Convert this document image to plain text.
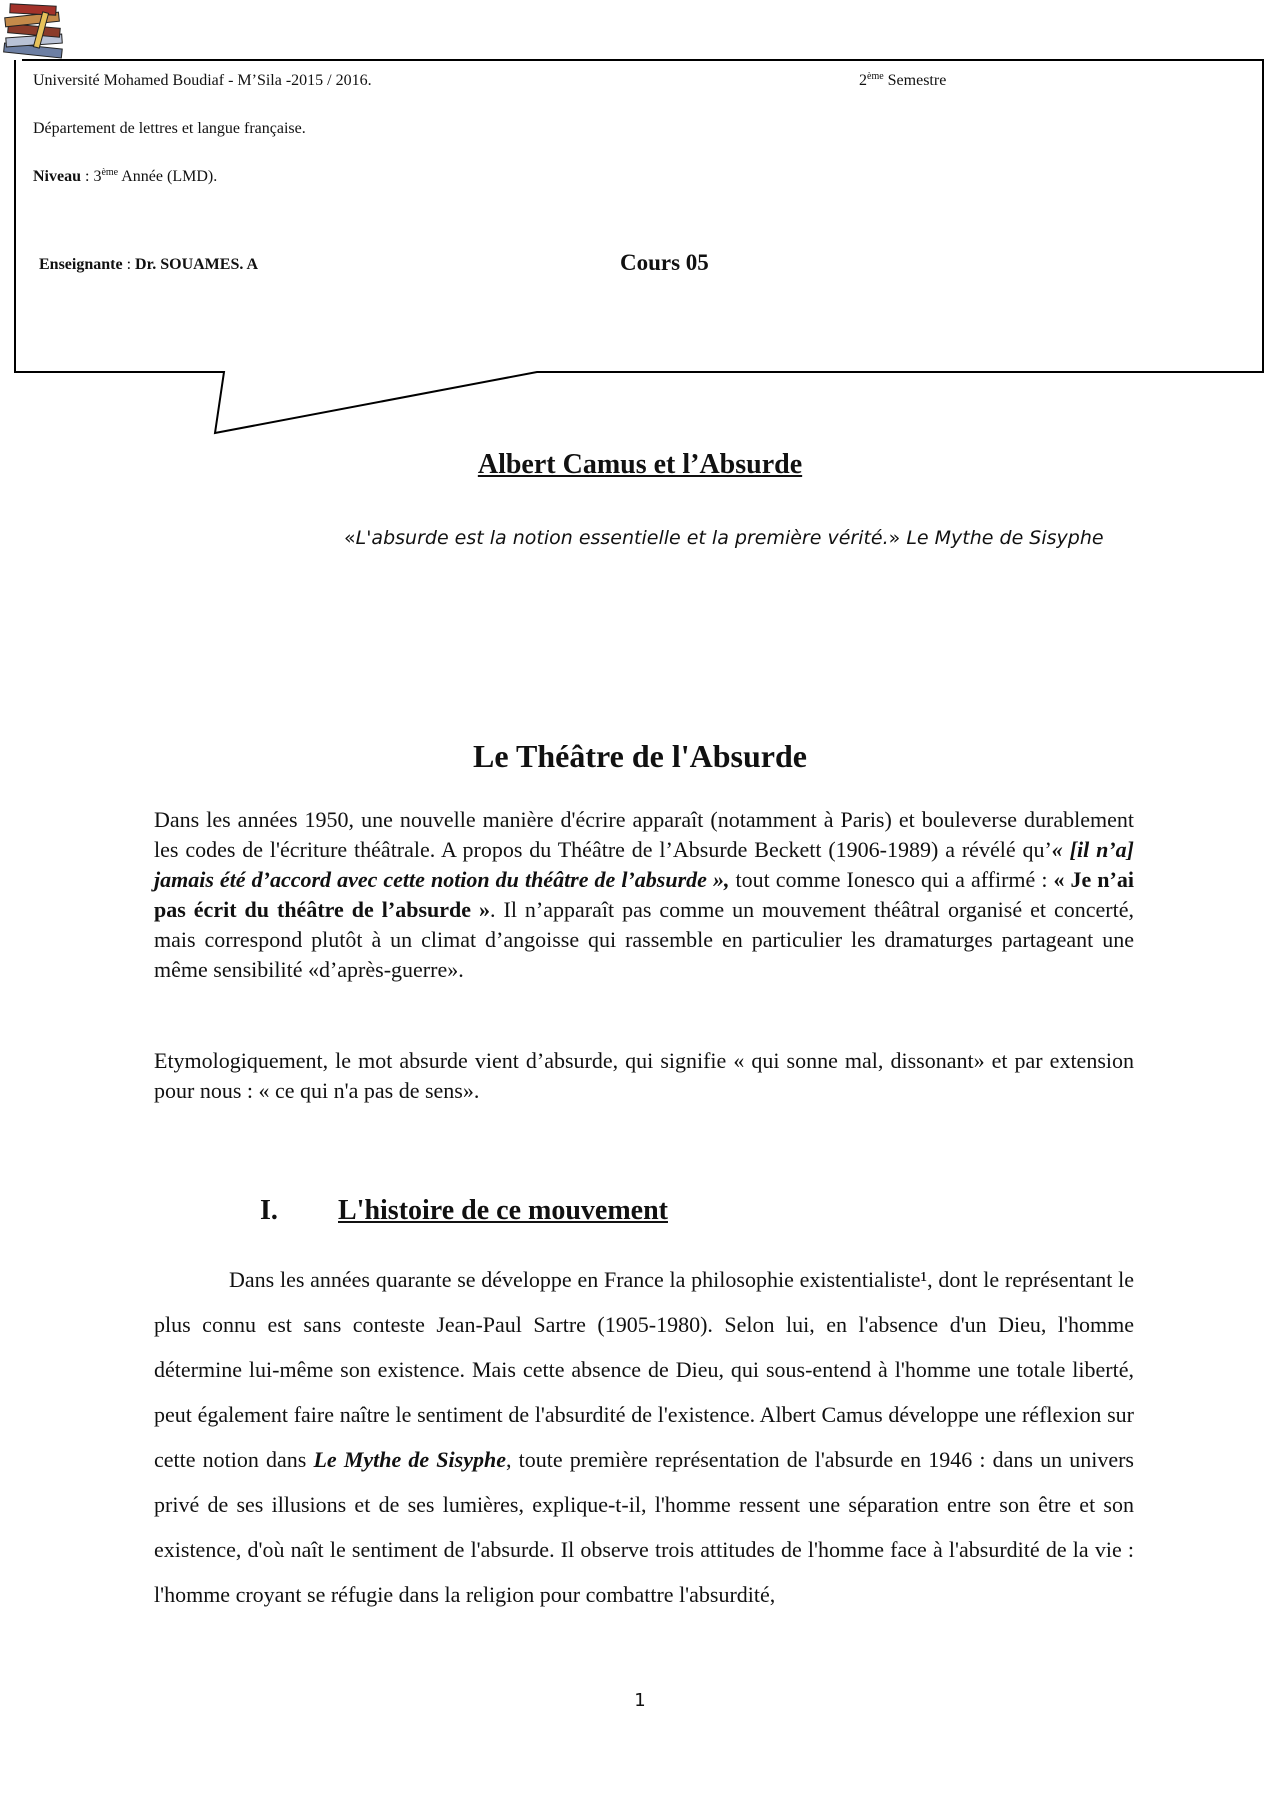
Université Mohamed Boudiaf - M’Sila -2015 / 2016.	2ème Semestre
Département de lettres et langue française.
Niveau : 3ème Année (LMD).
Enseignante : Dr. SOUAMES. A	Cours 05
Albert Camus et l’Absurde
«L'absurde est la notion essentielle et la première vérité.» Le Mythe de Sisyphe
Le Théâtre de l'Absurde
Dans les années 1950, une nouvelle manière d'écrire apparaît (notamment à Paris) et bouleverse durablement les codes de l'écriture théâtrale. A propos du Théâtre de l’Absurde Beckett (1906-1989) a révélé qu’« [il n’a] jamais été d’accord avec cette notion du théâtre de l’absurde », tout comme Ionesco qui a affirmé : « Je n’ai pas écrit du théâtre de l’absurde ». Il n’apparaît pas comme un mouvement théâtral organisé et concerté, mais correspond plutôt à un climat d’angoisse qui rassemble en particulier les dramaturges partageant une même sensibilité «d’après-guerre».
Etymologiquement, le mot absurde vient d’absurde, qui signifie « qui sonne mal, dissonant» et par extension pour nous : « ce qui n'a pas de sens».
I. L'histoire de ce mouvement
Dans les années quarante se développe en France la philosophie existentialiste¹, dont le représentant le plus connu est sans conteste Jean-Paul Sartre (1905-1980). Selon lui, en l'absence d'un Dieu, l'homme détermine lui-même son existence. Mais cette absence de Dieu, qui sous-entend à l'homme une totale liberté, peut également faire naître le sentiment de l'absurdité de l'existence. Albert Camus développe une réflexion sur cette notion dans Le Mythe de Sisyphe, toute première représentation de l'absurde en 1946 : dans un univers privé de ses illusions et de ses lumières, explique-t-il, l'homme ressent une séparation entre son être et son existence, d'où naît le sentiment de l'absurde. Il observe trois attitudes de l'homme face à l'absurdité de la vie : l'homme croyant se réfugie dans la religion pour combattre l'absurdité,
1
